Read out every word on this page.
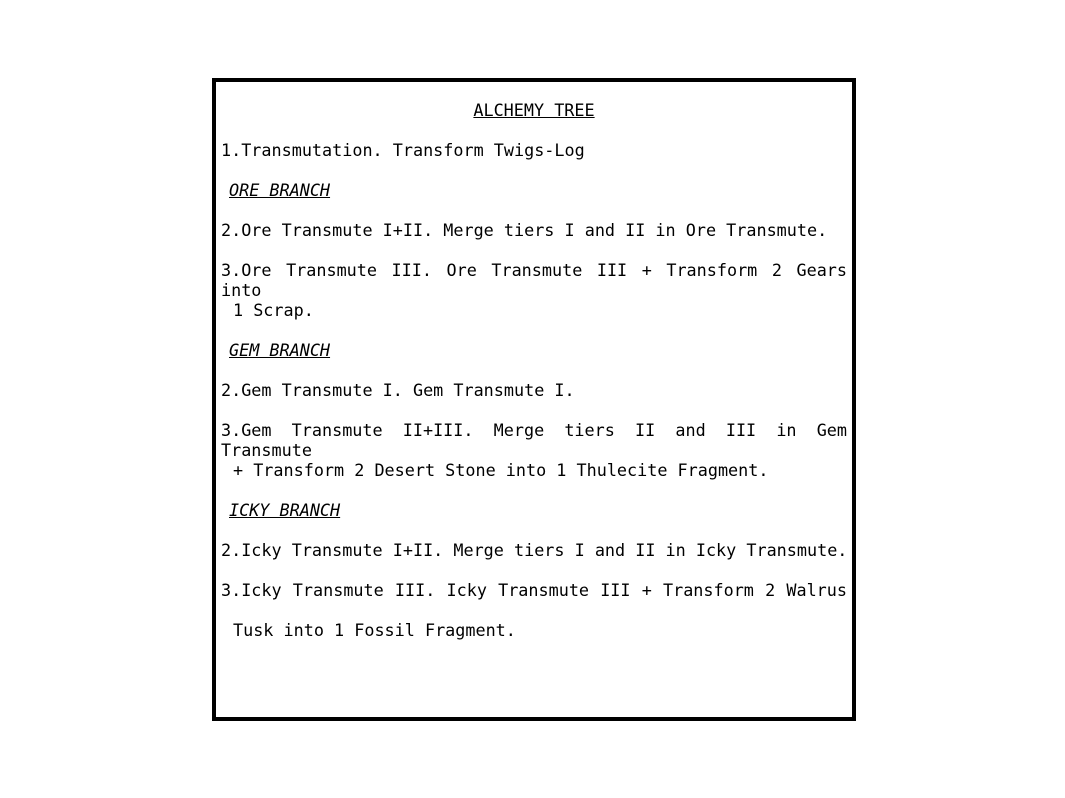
ALCHEMY TREE
1.Transmutation. Transform Twigs-Log
ORE BRANCH
2.Ore Transmute I+II. Merge tiers I and II in Ore Transmute.
3.Ore Transmute III. Ore Transmute III + Transform 2 Gears into
1 Scrap.
GEM BRANCH
2.Gem Transmute I. Gem Transmute I.
3.Gem Transmute II+III. Merge tiers II and III in Gem Transmute
+ Transform 2 Desert Stone into 1 Thulecite Fragment.
ICKY BRANCH
2.Icky Transmute I+II. Merge tiers I and II in Icky Transmute.
3.Icky Transmute III. Icky Transmute III + Transform 2 Walrus
Tusk into 1 Fossil Fragment.
